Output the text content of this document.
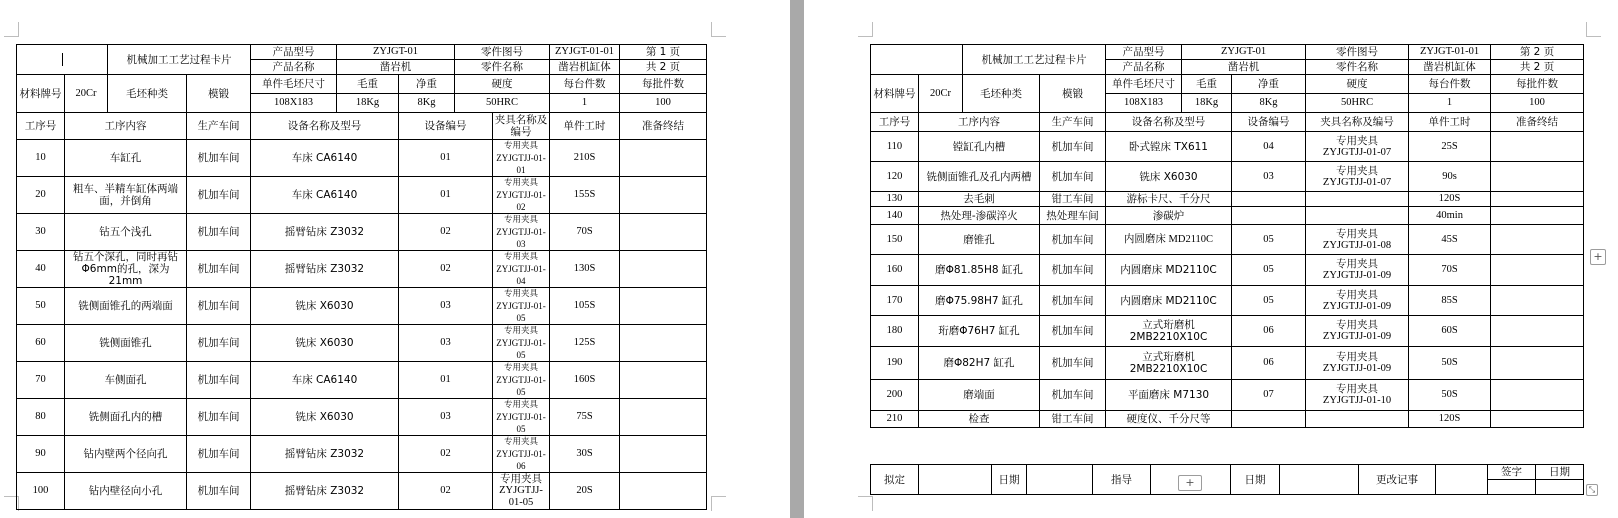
		机械加工工艺过程卡片		产品型号	ZYJGT-01		零件图号		ZYJGT-01-01	第 1 页
				产品名称	凿岩机		零件名称		凿岩机缸体	共 2 页
材料牌号	20Cr	毛坯种类	模锻	单件毛坯尺寸	毛重	净重	硬度		每台件数	每批件数
				108X183	18Kg	8Kg	50HRC		1	100
工序号	工序内容		生产车间	设备名称及型号		设备编号		夹具名称及编号	单件工时	准备终结
10	车缸孔		机加车间	车床 CA6140		01		专用夹具
ZYJGTJJ-01-01	210S	
20	粗车、半精车缸体两端面，并倒角		机加车间	车床 CA6140		01		专用夹具
ZYJGTJJ-01-02	155S	
30	钻五个浅孔		机加车间	摇臂钻床 Z3032		02		专用夹具
ZYJGTJJ-01-03	70S	
40	钻五个深孔，同时再钻Φ6mm的孔，深为21mm		机加车间	摇臂钻床 Z3032		02		专用夹具
ZYJGTJJ-01-04	130S	
50	铣侧面锥孔的两端面		机加车间	铣床 X6030		03		专用夹具
ZYJGTJJ-01-05	105S	
60	铣侧面锥孔		机加车间	铣床 X6030		03		专用夹具
ZYJGTJJ-01-05	125S	
70	车侧面孔		机加车间	车床 CA6140		01		专用夹具
ZYJGTJJ-01-05	160S	
80	铣侧面孔内的槽		机加车间	铣床 X6030		03		专用夹具
ZYJGTJJ-01-05	75S	
90	钻内壁两个径向孔		机加车间	摇臂钻床 Z3032		02		专用夹具
ZYJGTJJ-01-06	30S	
100	钻内壁径向小孔		机加车间	摇臂钻床 Z3032		02		专用夹具
ZYJGTJJ-01-05	20S	
		机械加工工艺过程卡片		产品型号	ZYJGT-01		零件图号	ZYJGT-01-01	第 2 页
				产品名称	凿岩机		零件名称	凿岩机缸体	共 2 页
材料牌号	20Cr	毛坯种类	模锻	单件毛坯尺寸	毛重	净重	硬度	每台件数	每批件数
				108X183	18Kg	8Kg	50HRC	1	100
工序号	工序内容		生产车间	设备名称及型号		设备编号	夹具名称及编号	单件工时	准备终结
110	镗缸孔内槽		机加车间	卧式镗床 TX611		04	专用夹具
ZYJGTJJ-01-07	25S	
120	铣侧面锥孔及孔内两槽		机加车间	铣床 X6030		03	专用夹具
ZYJGTJJ-01-07	90s	
130	去毛刺		钳工车间	游标卡尺、千分尺				120S	
140	热处理-渗碳淬火		热处理车间	渗碳炉				40min	
150	磨锥孔		机加车间	内圆磨床 MD2110C		05	专用夹具
ZYJGTJJ-01-08	45S	
160	磨Φ81.85H8 缸孔		机加车间	内圆磨床 MD2110C		05	专用夹具
ZYJGTJJ-01-09	70S	
170	磨Φ75.98H7 缸孔		机加车间	内圆磨床 MD2110C		05	专用夹具
ZYJGTJJ-01-09	85S	
180	珩磨Φ76H7 缸孔		机加车间	立式珩磨机 2MB2210X10C		06	专用夹具
ZYJGTJJ-01-09	60S	
190	磨Φ82H7 缸孔		机加车间	立式珩磨机 2MB2210X10C		06	专用夹具
ZYJGTJJ-01-09	50S	
200	磨端面		机加车间	平面磨床 M7130		07	专用夹具
ZYJGTJJ-01-10	50S	
210	检查		钳工车间	硬度仪、千分尺等				120S	
拟定		日期		指导		日期		更改记事		签字	日期

+
+
⤡
